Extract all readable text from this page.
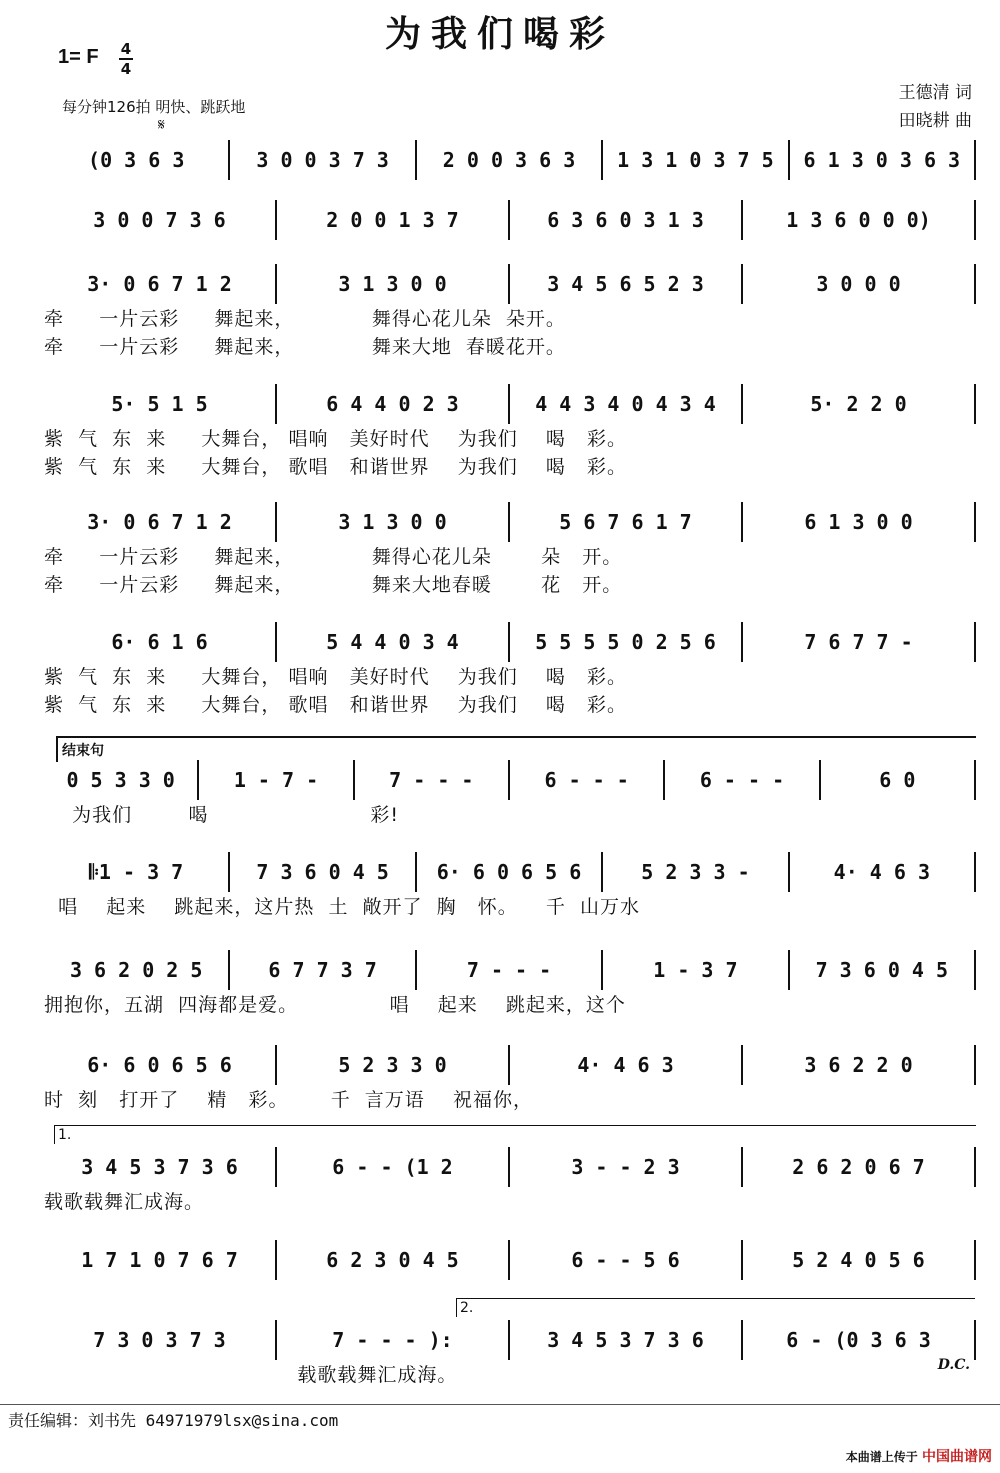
为我们喝彩
1= F	4
4
每分钟126拍 明快、跳跃地
𝄋
王德清 词
田晓耕 曲
(0 3 6 3	3 0 0 3 7 3	2 0 0 3 6 3	1 3 1 0 3 7 5	6 1 3 0 3 6 3
3 0 0 7 3 6	2 0 0 1 3 7	6 3 6 0 3 1 3	1 3 6 0 0 0)
3· 0 6 7 1 2	3 1 3 0 0	3 4 5 6 5 2 3	3 0 0 0
牵     一片云彩     舞起来，           舞得心花儿朵  朵开。
牵     一片云彩     舞起来，           舞来大地  春暖花开。
5· 5 1 5	6 4 4 0 2 3	4 4 3 4 0 4 3 4	5· 2 2 0
紫  气  东  来     大舞台， 唱响   美好时代    为我们    喝   彩。
紫  气  东  来     大舞台， 歌唱   和谐世界    为我们    喝   彩。
3· 0 6 7 1 2	3 1 3 0 0	5 6 7 6 1 7	6 1 3 0 0
牵     一片云彩     舞起来，           舞得心花儿朵       朵   开。
牵     一片云彩     舞起来，           舞来大地春暖       花   开。
6· 6 1 6	5 4 4 0 3 4	5 5 5 5 0 2 5 6	7 6 7 7 -
紫  气  东  来     大舞台， 唱响   美好时代    为我们    喝   彩。
紫  气  东  来     大舞台， 歌唱   和谐世界    为我们    喝   彩。
结束句
0 5 3 3 0	1 - 7 -	7 - - -	6 - - -	6 - - -	6 0
为我们        喝                       彩!
𝄆1 - 3 7	7 3 6 0 4 5	6· 6 0 6 5 6	5 2 3 3 -	4· 4 6 3
唱    起来    跳起来，这片热  土  敞开了  胸   怀。    千  山万水
3 6 2 0 2 5	6 7 7 3 7	7 - - -	1 - 3 7	7 3 6 0 4 5
拥抱你，五湖  四海都是爱。             唱    起来    跳起来，这个
6· 6 0 6 5 6	5 2 3 3 0	4· 4 6 3	3 6 2 2 0
时  刻   打开了    精   彩。      千  言万语    祝福你，
1.
3 4 5 3 7 3 6	6 - - (1 2	3 - - 2 3	2 6 2 0 6 7
载歌载舞汇成海。
1 7 1 0 7 6 7	6 2 3 0 4 5	6 - - 5 6	5 2 4 0 5 6
2.
7 3 0 3 7 3	7 - - - ):	3 4 5 3 7 3 6	6 - (0 3 6 3
载歌载舞汇成海。	D.C.
责任编辑：刘书先 64971979lsx@sina.com
本曲谱上传于 中国曲谱网
